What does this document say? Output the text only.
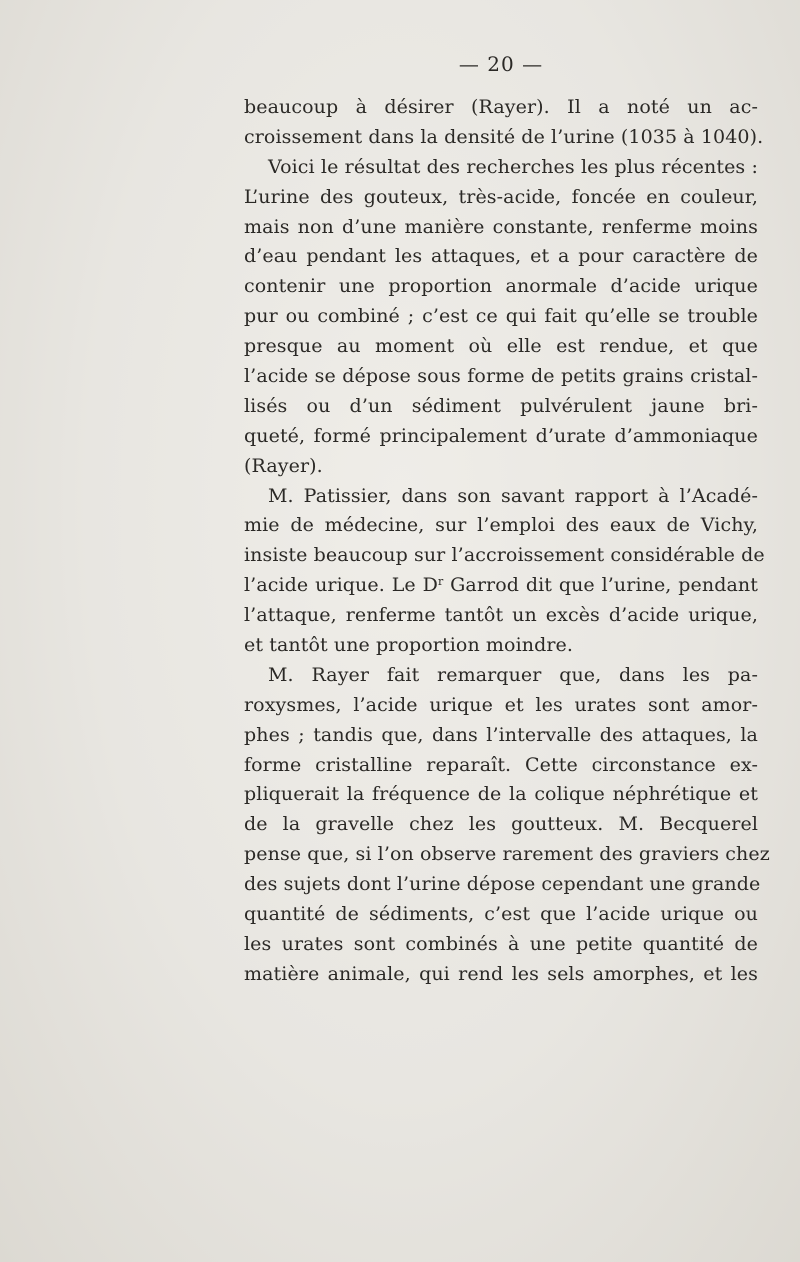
— 20 —
beaucoup à désirer (Rayer). Il a noté un ac-
croissement dans la densité de l’urine (1035 à 1040).
Voici le résultat des recherches les plus récentes :
L’urine des gouteux, très-acide, foncée en couleur,
mais non d’une manière constante, renferme moins
d’eau pendant les attaques, et a pour caractère de
contenir une proportion anormale d’acide urique
pur ou combiné ; c’est ce qui fait qu’elle se trouble
presque au moment où elle est rendue, et que
l’acide se dépose sous forme de petits grains cristal-
lisés ou d’un sédiment pulvérulent jaune bri-
queté, formé principalement d’urate d’ammoniaque
(Rayer).
M. Patissier, dans son savant rapport à l’Acadé-
mie de médecine, sur l’emploi des eaux de Vichy,
insiste beaucoup sur l’accroissement considérable de
l’acide urique. Le $D^r$ Garrod dit que l’urine, pendant
l’attaque, renferme tantôt un excès d’acide urique,
et tantôt une proportion moindre.
M. Rayer fait remarquer que, dans les pa-
roxysmes, l’acide urique et les urates sont amor-
phes ; tandis que, dans l’intervalle des attaques, la
forme cristalline reparaît. Cette circonstance ex-
pliquerait la fréquence de la colique néphrétique et
de la gravelle chez les goutteux. M. Becquerel
pense que, si l’on observe rarement des graviers chez
des sujets dont l’urine dépose cependant une grande
quantité de sédiments, c’est que l’acide urique ou
les urates sont combinés à une petite quantité de
matière animale, qui rend les sels amorphes, et les
